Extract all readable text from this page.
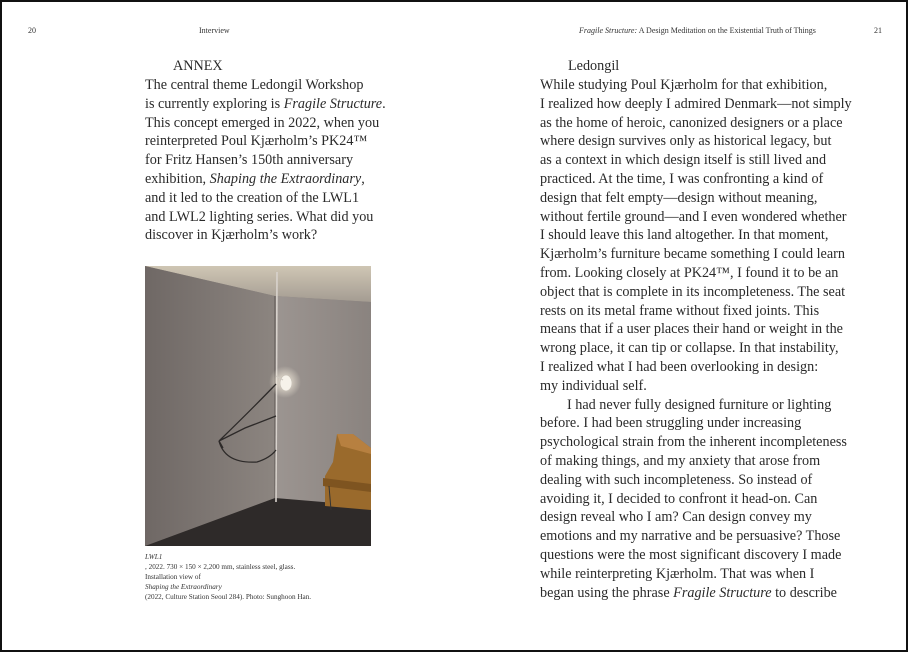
20	Interview
ANNEX
The central theme Ledongil Workshop
is currently exploring is Fragile Structure.
This concept emerged in 2022, when you
reinterpreted Poul Kjærholm’s PK24™
for Fritz Hansen’s 150th anniversary
exhibition, Shaping the Extraordinary,
and it led to the creation of the LWL1
and LWL2 lighting series. What did you
discover in Kjærholm’s work?
LWL1
, 2022. 730 × 150 × 2,200 mm, stainless steel, glass.
Installation view of
Shaping the Extraordinary
(2022, Culture Station Seoul 284). Photo: Sunghoon Han.
Fragile Structure: A Design Meditation on the Existential Truth of Things	21
Ledongil
While studying Poul Kjærholm for that exhibition,
I realized how deeply I admired Denmark—not simply
as the home of heroic, canonized designers or a place
where design survives only as historical legacy, but
as a context in which design itself is still lived and
practiced. At the time, I was confronting a kind of
design that felt empty—design without meaning,
without fertile ground—and I even wondered whether
I should leave this land altogether. In that moment,
Kjærholm’s furniture became something I could learn
from. Looking closely at PK24™, I found it to be an
object that is complete in its incompleteness. The seat
rests on its metal frame without fixed joints. This
means that if a user places their hand or weight in the
wrong place, it can tip or collapse. In that instability,
I realized what I had been overlooking in design:
my individual self.
I had never fully designed furniture or lighting
before. I had been struggling under increasing
psychological strain from the inherent incompleteness
of making things, and my anxiety that arose from
dealing with such incompleteness. So instead of
avoiding it, I decided to confront it head-on. Can
design reveal who I am? Can design convey my
emotions and my narrative and be persuasive? Those
questions were the most significant discovery I made
while reinterpreting Kjærholm. That was when I
began using the phrase Fragile Structure to describe
